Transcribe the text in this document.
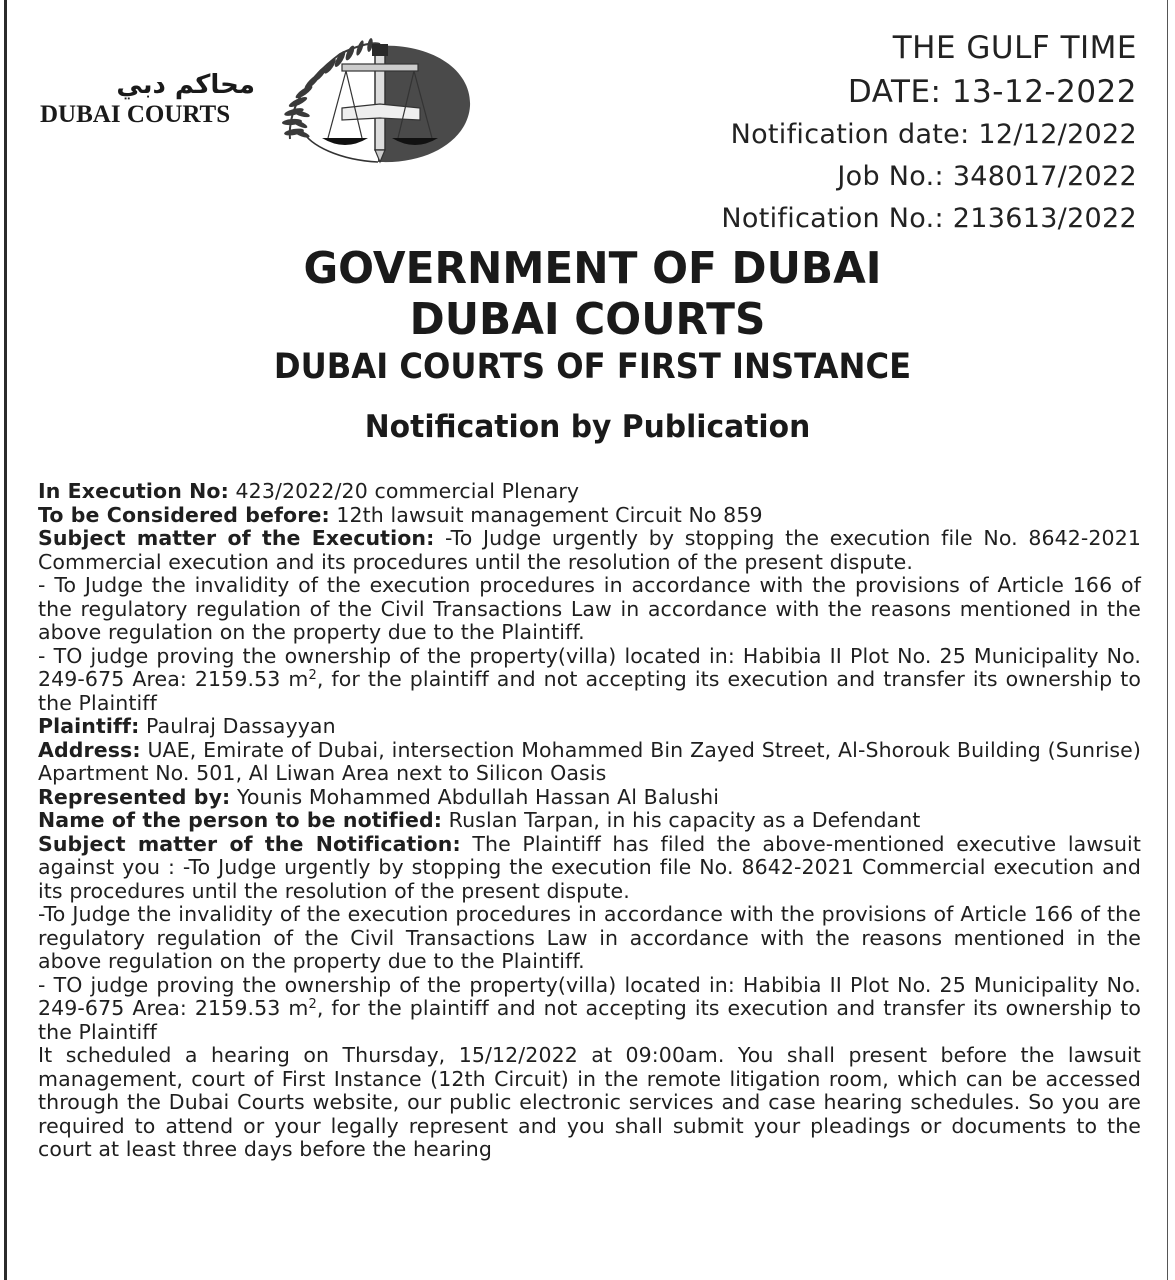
محاكم دبي
DUBAI COURTS
THE GULF TIME
DATE: 13-12-2022
Notification date: 12/12/2022
Job No.: 348017/2022
Notification No.: 213613/2022
GOVERNMENT OF DUBAI
DUBAI COURTS
DUBAI COURTS OF FIRST INSTANCE
Notification by Publication

In Execution No: 423/2022/20 commercial Plenary

To be Considered before: 12th lawsuit management Circuit No 859

Subject matter of the Execution: -To Judge urgently by stopping the execution file No. 8642-2021 Commercial execution and its procedures until the resolution of the present dispute.

- To Judge the invalidity of the execution procedures in accordance with the provisions of Article 166 of the regulatory regulation of the Civil Transactions Law in accordance with the reasons mentioned in the above regulation on the property due to the Plaintiff.

- TO judge proving the ownership of the property(villa) located in: Habibia II Plot No. 25 Municipality No. 249-675 Area: 2159.53 $m^2$, for the plaintiff and not accepting its execution and transfer its ownership to the Plaintiff

Plaintiff: Paulraj Dassayyan

Address: UAE, Emirate of Dubai, intersection Mohammed Bin Zayed Street, Al-Shorouk Building (Sunrise) Apartment No. 501, Al Liwan Area next to Silicon Oasis

Represented by: Younis Mohammed Abdullah Hassan Al Balushi

Name of the person to be notified: Ruslan Tarpan, in his capacity as a Defendant

Subject matter of the Notification: The Plaintiff has filed the above-mentioned executive lawsuit against you : -To Judge urgently by stopping the execution file No. 8642-2021 Commercial execution and its procedures until the resolution of the present dispute.

-To Judge the invalidity of the execution procedures in accordance with the provisions of Article 166 of the regulatory regulation of the Civil Transactions Law in accordance with the reasons mentioned in the above regulation on the property due to the Plaintiff.

- TO judge proving the ownership of the property(villa) located in: Habibia II Plot No. 25 Municipality No. 249-675 Area: 2159.53 $m^2$, for the plaintiff and not accepting its execution and transfer its ownership to the Plaintiff

It scheduled a hearing on Thursday, 15/12/2022 at 09:00am. You shall present before the lawsuit management, court of First Instance (12th Circuit) in the remote litigation room, which can be accessed through the Dubai Courts website, our public electronic services and case hearing schedules. So you are required to attend or your legally represent and you shall submit your pleadings or documents to the court at least three days before the hearing
